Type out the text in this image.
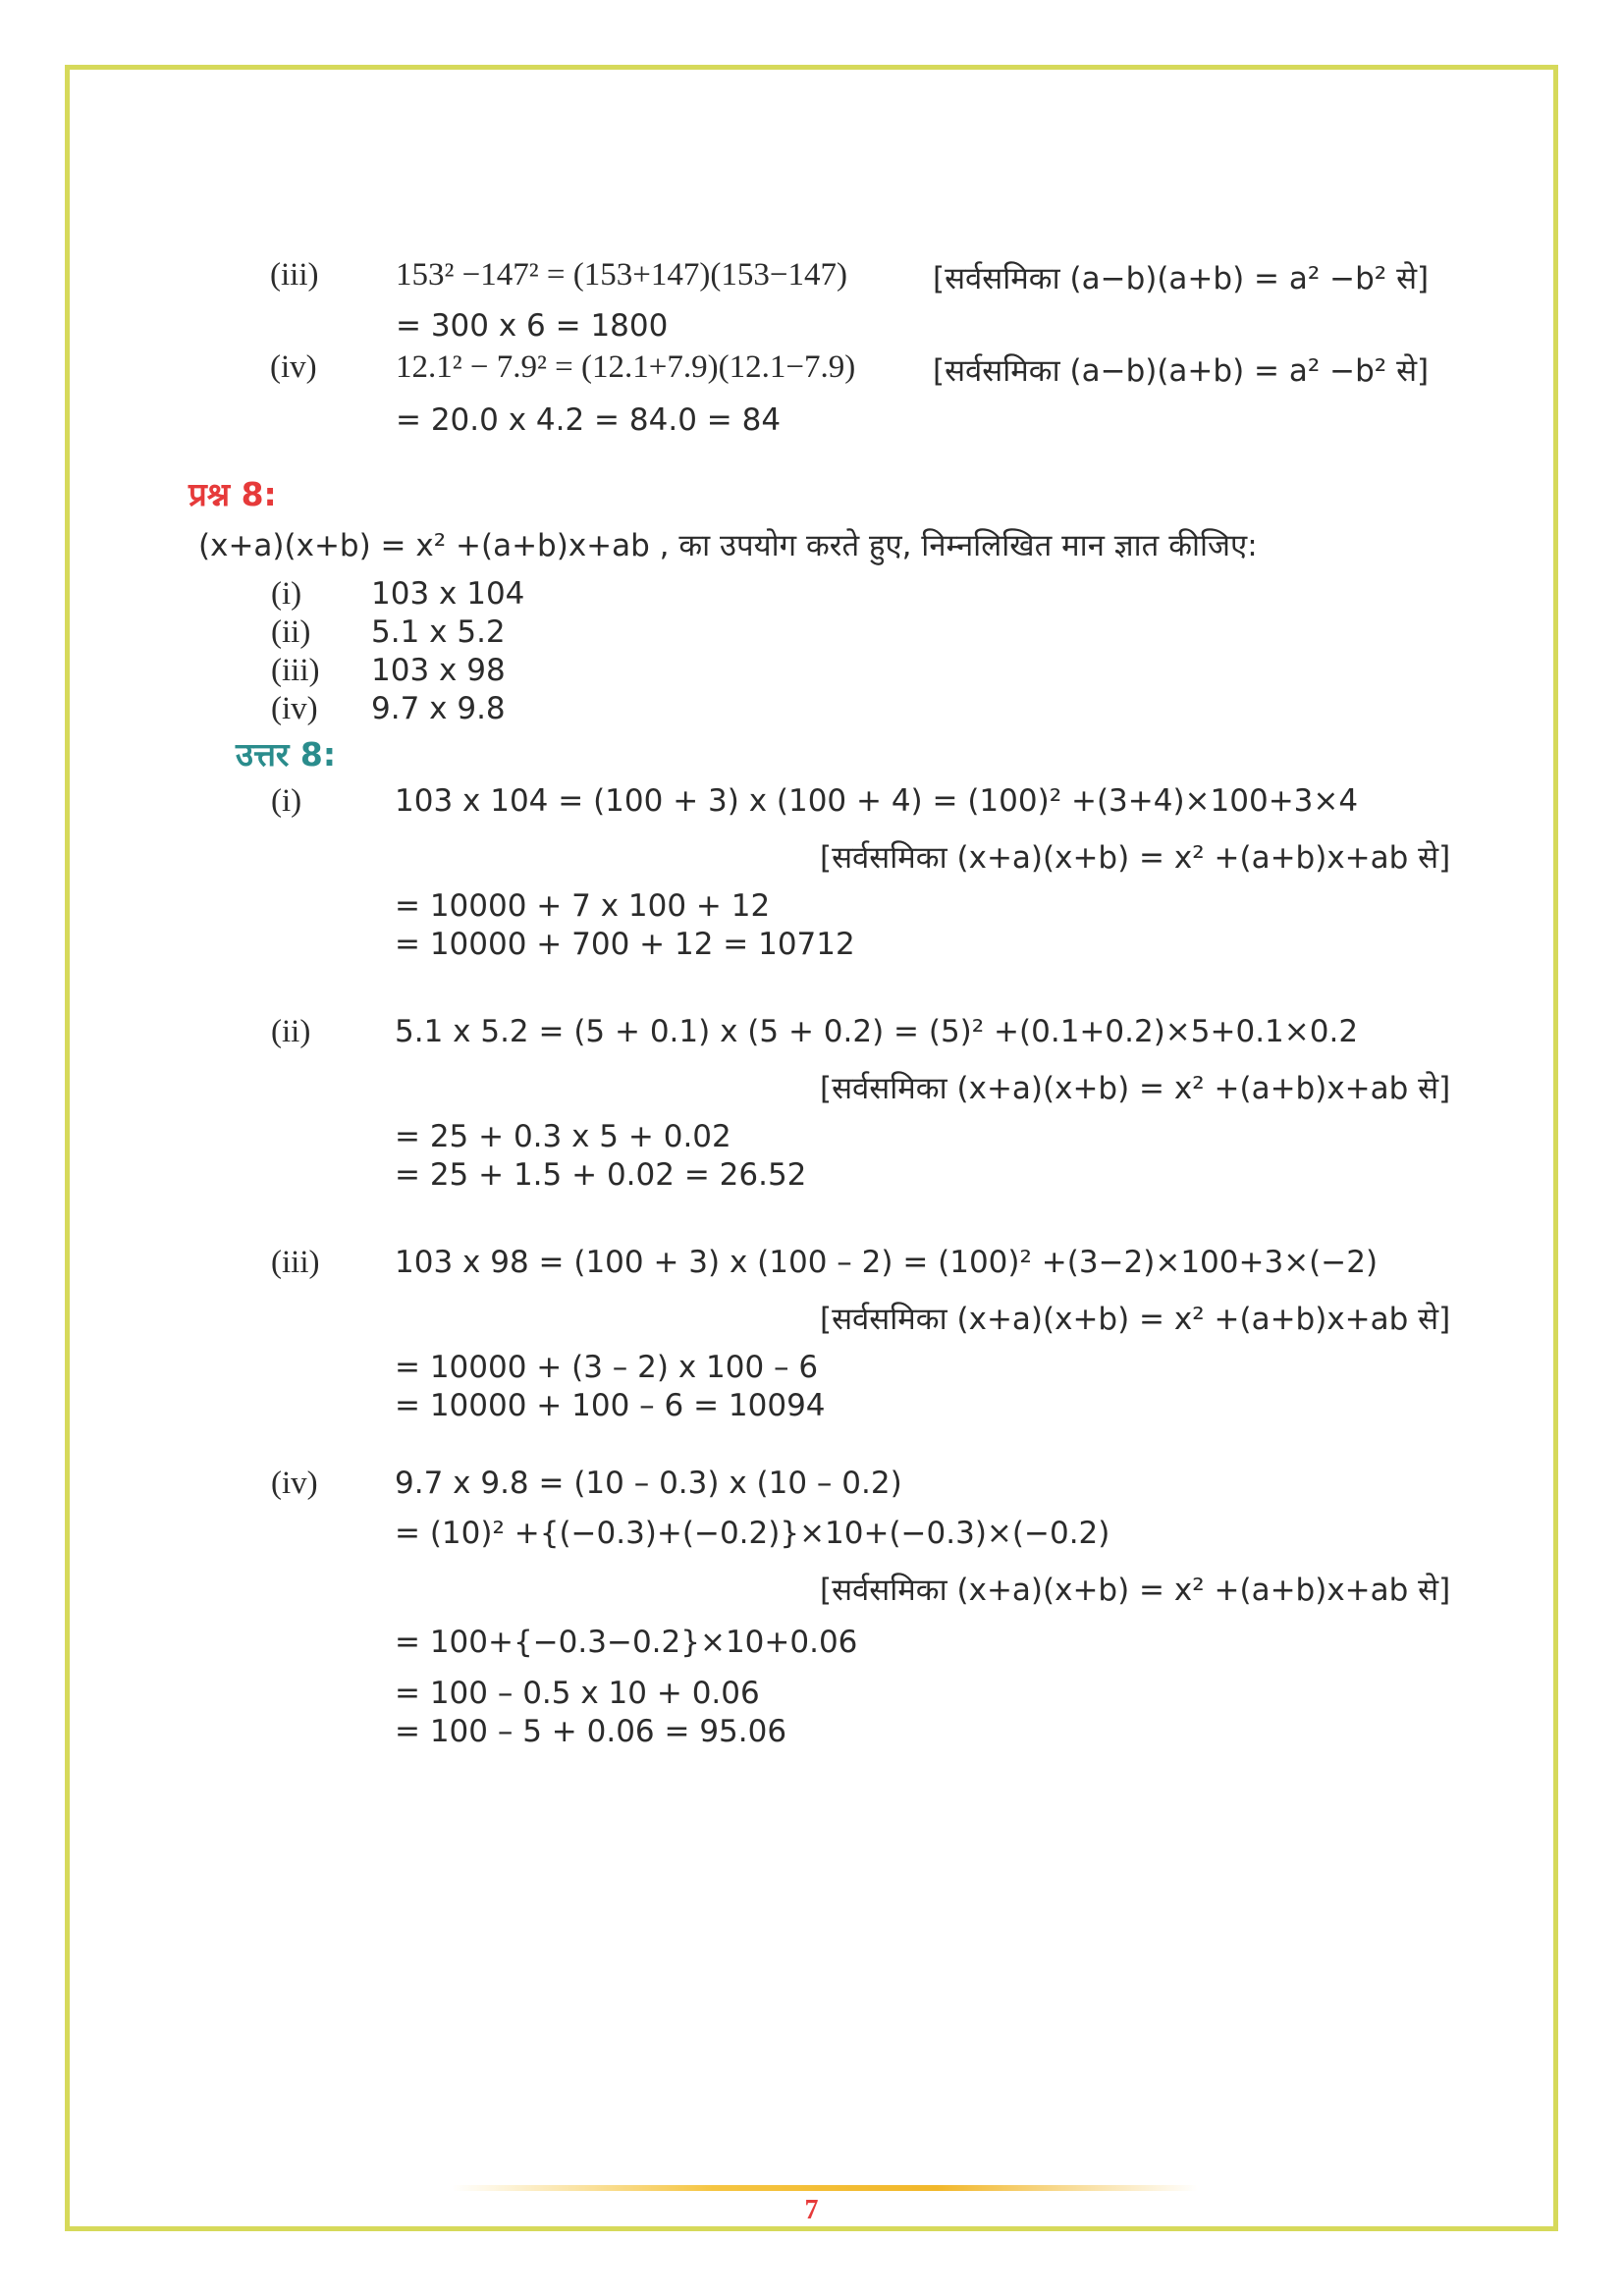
(iii) 153² −147² = (153+147)(153−147)	[सर्वसमिका (a−b)(a+b) = a² −b² से]
= 300 x 6 = 1800
(iv) 12.1² − 7.9² = (12.1+7.9)(12.1−7.9)	[सर्वसमिका (a−b)(a+b) = a² −b² से]
= 20.0 x 4.2 = 84.0 = 84
प्रश्न 8:
(x+a)(x+b) = x² +(a+b)x+ab , का उपयोग करते हुए, निम्नलिखित मान ज्ञात कीजिए:
(i) 103 x 104
(ii) 5.1 x 5.2
(iii) 103 x 98
(iv) 9.7 x 9.8
उत्तर 8:
(i)	103 x 104 = (100 + 3) x (100 + 4) = (100)² +(3+4)×100+3×4
[सर्वसमिका (x+a)(x+b) = x² +(a+b)x+ab से]
= 10000 + 7 x 100 + 12
= 10000 + 700 + 12 = 10712
(ii)	5.1 x 5.2 = (5 + 0.1) x (5 + 0.2) = (5)² +(0.1+0.2)×5+0.1×0.2
[सर्वसमिका (x+a)(x+b) = x² +(a+b)x+ab से]
= 25 + 0.3 x 5 + 0.02
= 25 + 1.5 + 0.02 = 26.52
(iii) 103 x 98 = (100 + 3) x (100 – 2) = (100)² +(3−2)×100+3×(−2)
[सर्वसमिका (x+a)(x+b) = x² +(a+b)x+ab से]
= 10000 + (3 – 2) x 100 – 6
= 10000 + 100 – 6 = 10094
(iv)	9.7 x 9.8 = (10 – 0.3) x (10 – 0.2)
= (10)² +{(−0.3)+(−0.2)}×10+(−0.3)×(−0.2)
[सर्वसमिका (x+a)(x+b) = x² +(a+b)x+ab से]
= 100+{−0.3−0.2}×10+0.06
= 100 – 0.5 x 10 + 0.06
= 100 – 5 + 0.06 = 95.06
7
